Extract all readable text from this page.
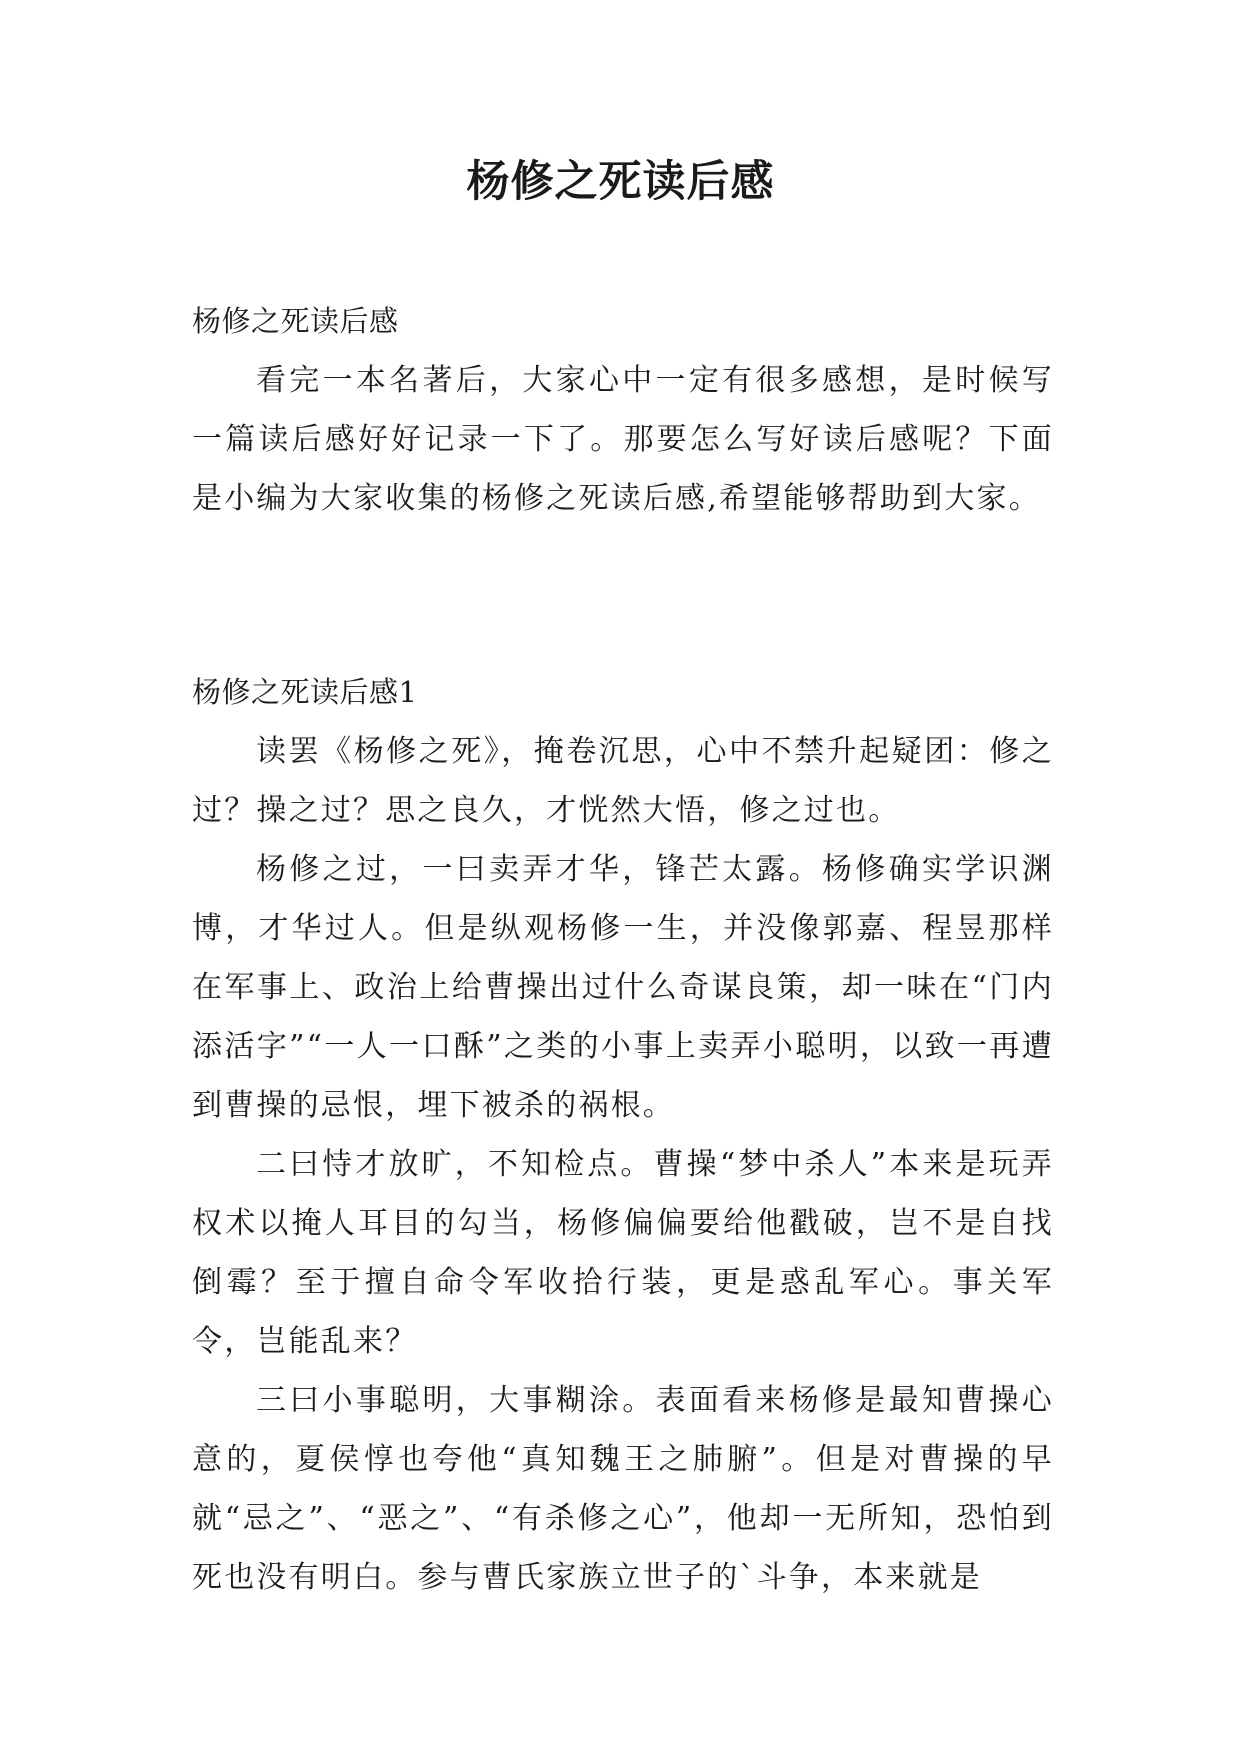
杨修之死读后感

杨修之死读后感

看完一本名著后，大家心中一定有很多感想，是时候写一篇读后感好好记录一下了。那要怎么写好读后感呢？下面是小编为大家收集的杨修之死读后感,希望能够帮助到大家。

杨修之死读后感1

读罢《杨修之死》，掩卷沉思，心中不禁升起疑团：修之过？操之过？思之良久，才恍然大悟，修之过也。

杨修之过，一曰卖弄才华，锋芒太露。杨修确实学识渊博，才华过人。但是纵观杨修一生，并没像郭嘉、程昱那样在军事上、政治上给曹操出过什么奇谋良策，却一味在“门内添活字”“一人一口酥”之类的小事上卖弄小聪明，以致一再遭到曹操的忌恨，埋下被杀的祸根。

二曰恃才放旷，不知检点。曹操“梦中杀人”本来是玩弄权术以掩人耳目的勾当，杨修偏偏要给他戳破，岂不是自找倒霉？至于擅自命令军收拾行装，更是惑乱军心。事关军令，岂能乱来？

三曰小事聪明，大事糊涂。表面看来杨修是最知曹操心意的，夏侯惇也夸他“真知魏王之肺腑”。但是对曹操的早就“忌之”、“恶之”、“有杀修之心”，他却一无所知，恐怕到死也没有明白。参与曹氏家族立世子的`斗争，本来就是
